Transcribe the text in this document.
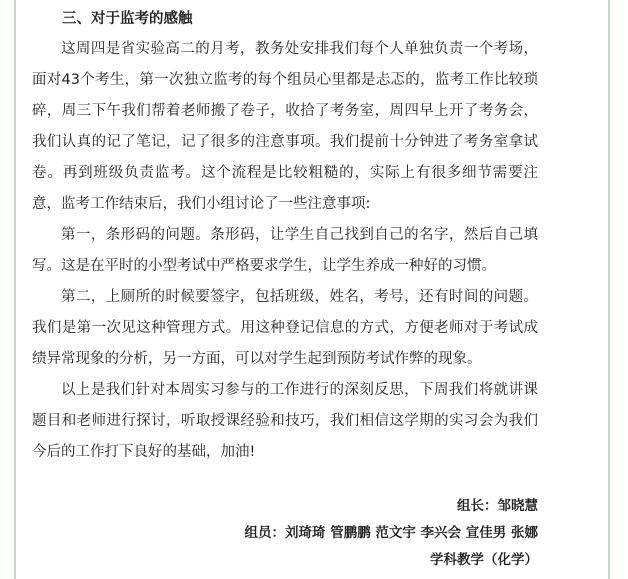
三、对于监考的感触

这周四是省实验高二的月考，教务处安排我们每个人单独负责一个考场，面对43个考生，第一次独立监考的每个组员心里都是忐忑的，监考工作比较琐碎，周三下午我们帮着老师搬了卷子，收拾了考务室，周四早上开了考务会，我们认真的记了笔记，记了很多的注意事项。我们提前十分钟进了考务室拿试卷。再到班级负责监考。这个流程是比较粗糙的，实际上有很多细节需要注意，监考工作结束后，我们小组讨论了一些注意事项:

第一，条形码的问题。条形码，让学生自己找到自己的名字，然后自己填写。这是在平时的小型考试中严格要求学生，让学生养成一种好的习惯。

第二，上厕所的时候要签字，包括班级，姓名，考号，还有时间的问题。我们是第一次见这种管理方式。用这种登记信息的方式，方便老师对于考试成绩异常现象的分析，另一方面，可以对学生起到预防考试作弊的现象。

以上是我们针对本周实习参与的工作进行的深刻反思，下周我们将就讲课题目和老师进行探讨，听取授课经验和技巧，我们相信这学期的实习会为我们今后的工作打下良好的基础，加油!

组长：邹晓慧
组员：刘琦琦 管鹏鹏 范文宇 李兴会 宣佳男 张娜
学科教学（化学）
